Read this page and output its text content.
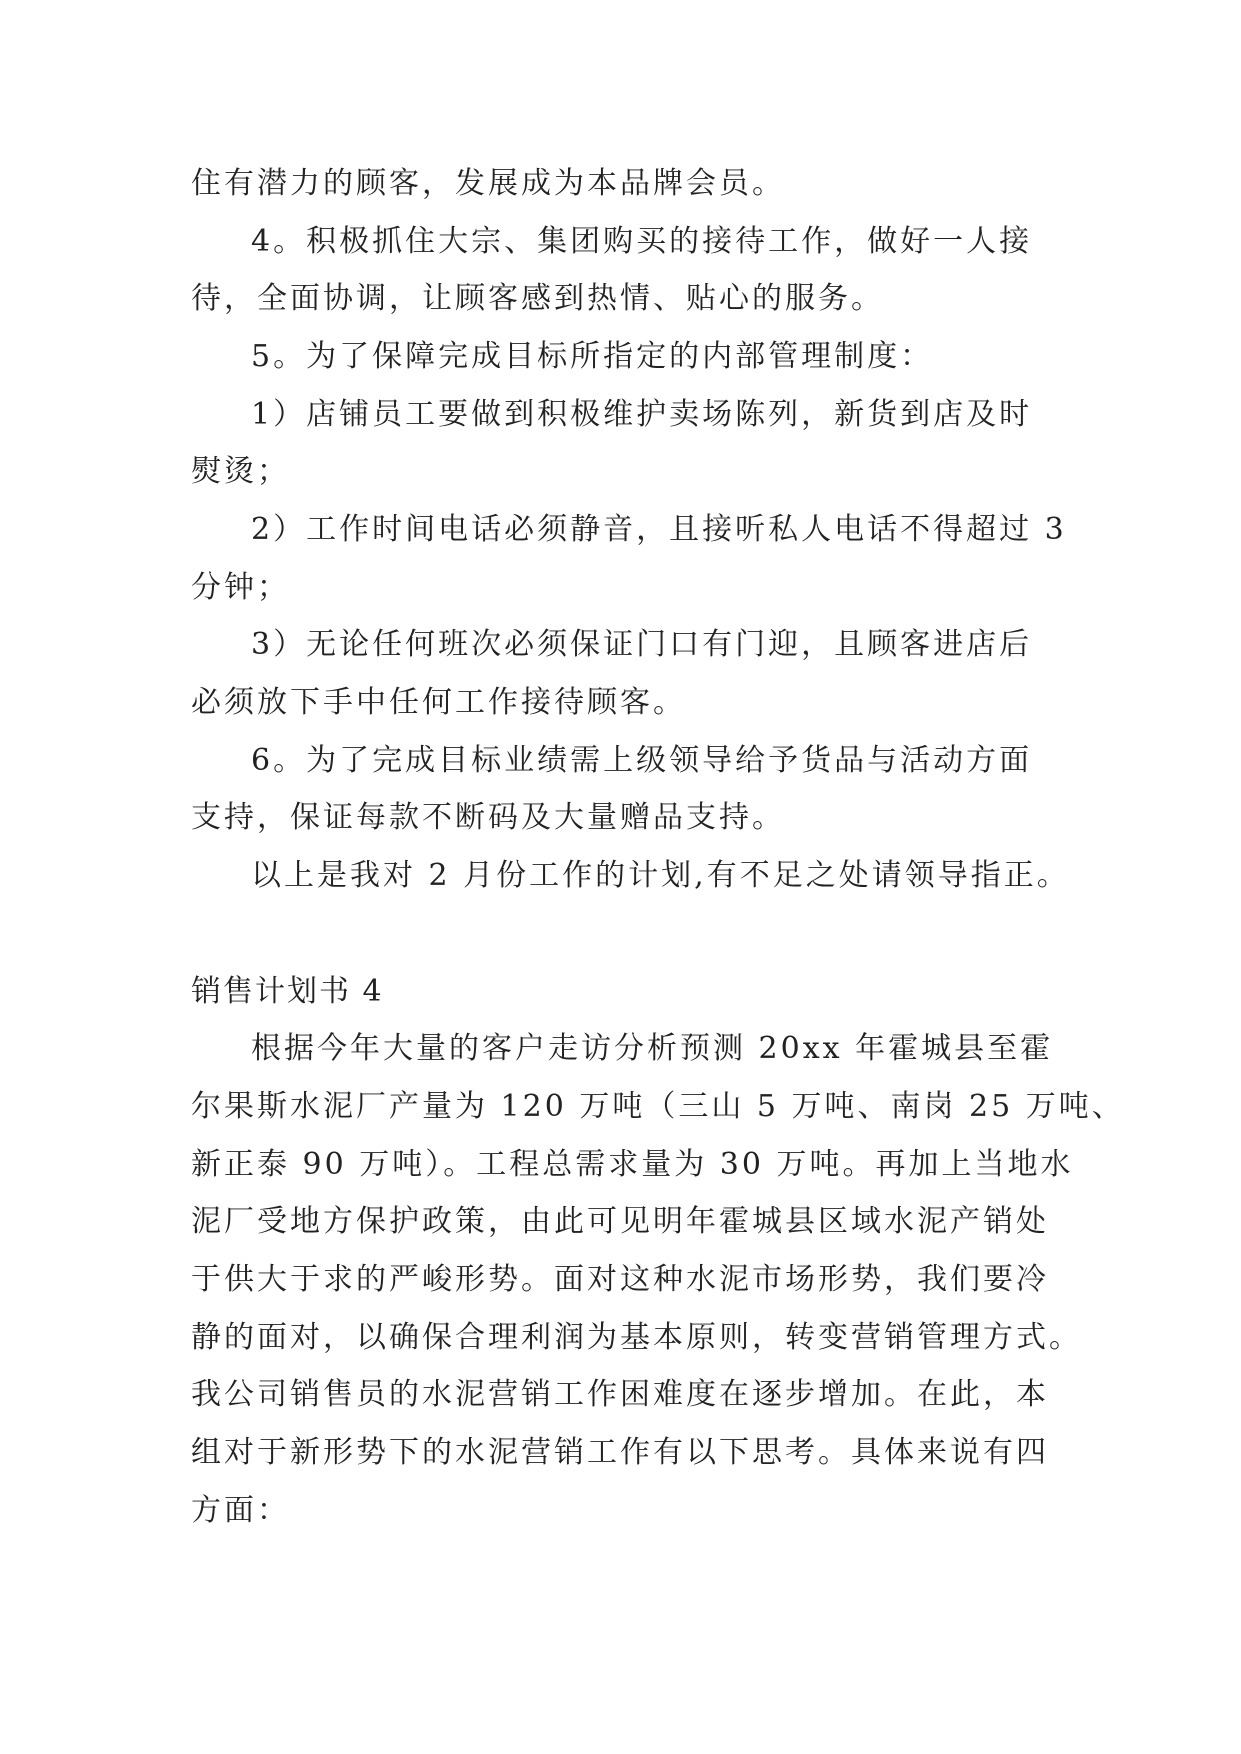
住有潜力的顾客，发展成为本品牌会员。
4。积极抓住大宗、集团购买的接待工作，做好一人接
待，全面协调，让顾客感到热情、贴心的服务。
5。为了保障完成目标所指定的内部管理制度：
1）店铺员工要做到积极维护卖场陈列，新货到店及时
熨烫；
2）工作时间电话必须静音，且接听私人电话不得超过 3
分钟；
3）无论任何班次必须保证门口有门迎，且顾客进店后
必须放下手中任何工作接待顾客。
6。为了完成目标业绩需上级领导给予货品与活动方面
支持，保证每款不断码及大量赠品支持。
以上是我对 2 月份工作的计划,有不足之处请领导指正。
销售计划书 4
根据今年大量的客户走访分析预测 20xx 年霍城县至霍
尔果斯水泥厂产量为 120 万吨（三山 5 万吨、南岗 25 万吨、
新正泰 90 万吨）。工程总需求量为 30 万吨。再加上当地水
泥厂受地方保护政策，由此可见明年霍城县区域水泥产销处
于供大于求的严峻形势。面对这种水泥市场形势，我们要冷
静的面对，以确保合理利润为基本原则，转变营销管理方式。
我公司销售员的水泥营销工作困难度在逐步增加。在此，本
组对于新形势下的水泥营销工作有以下思考。具体来说有四
方面：
